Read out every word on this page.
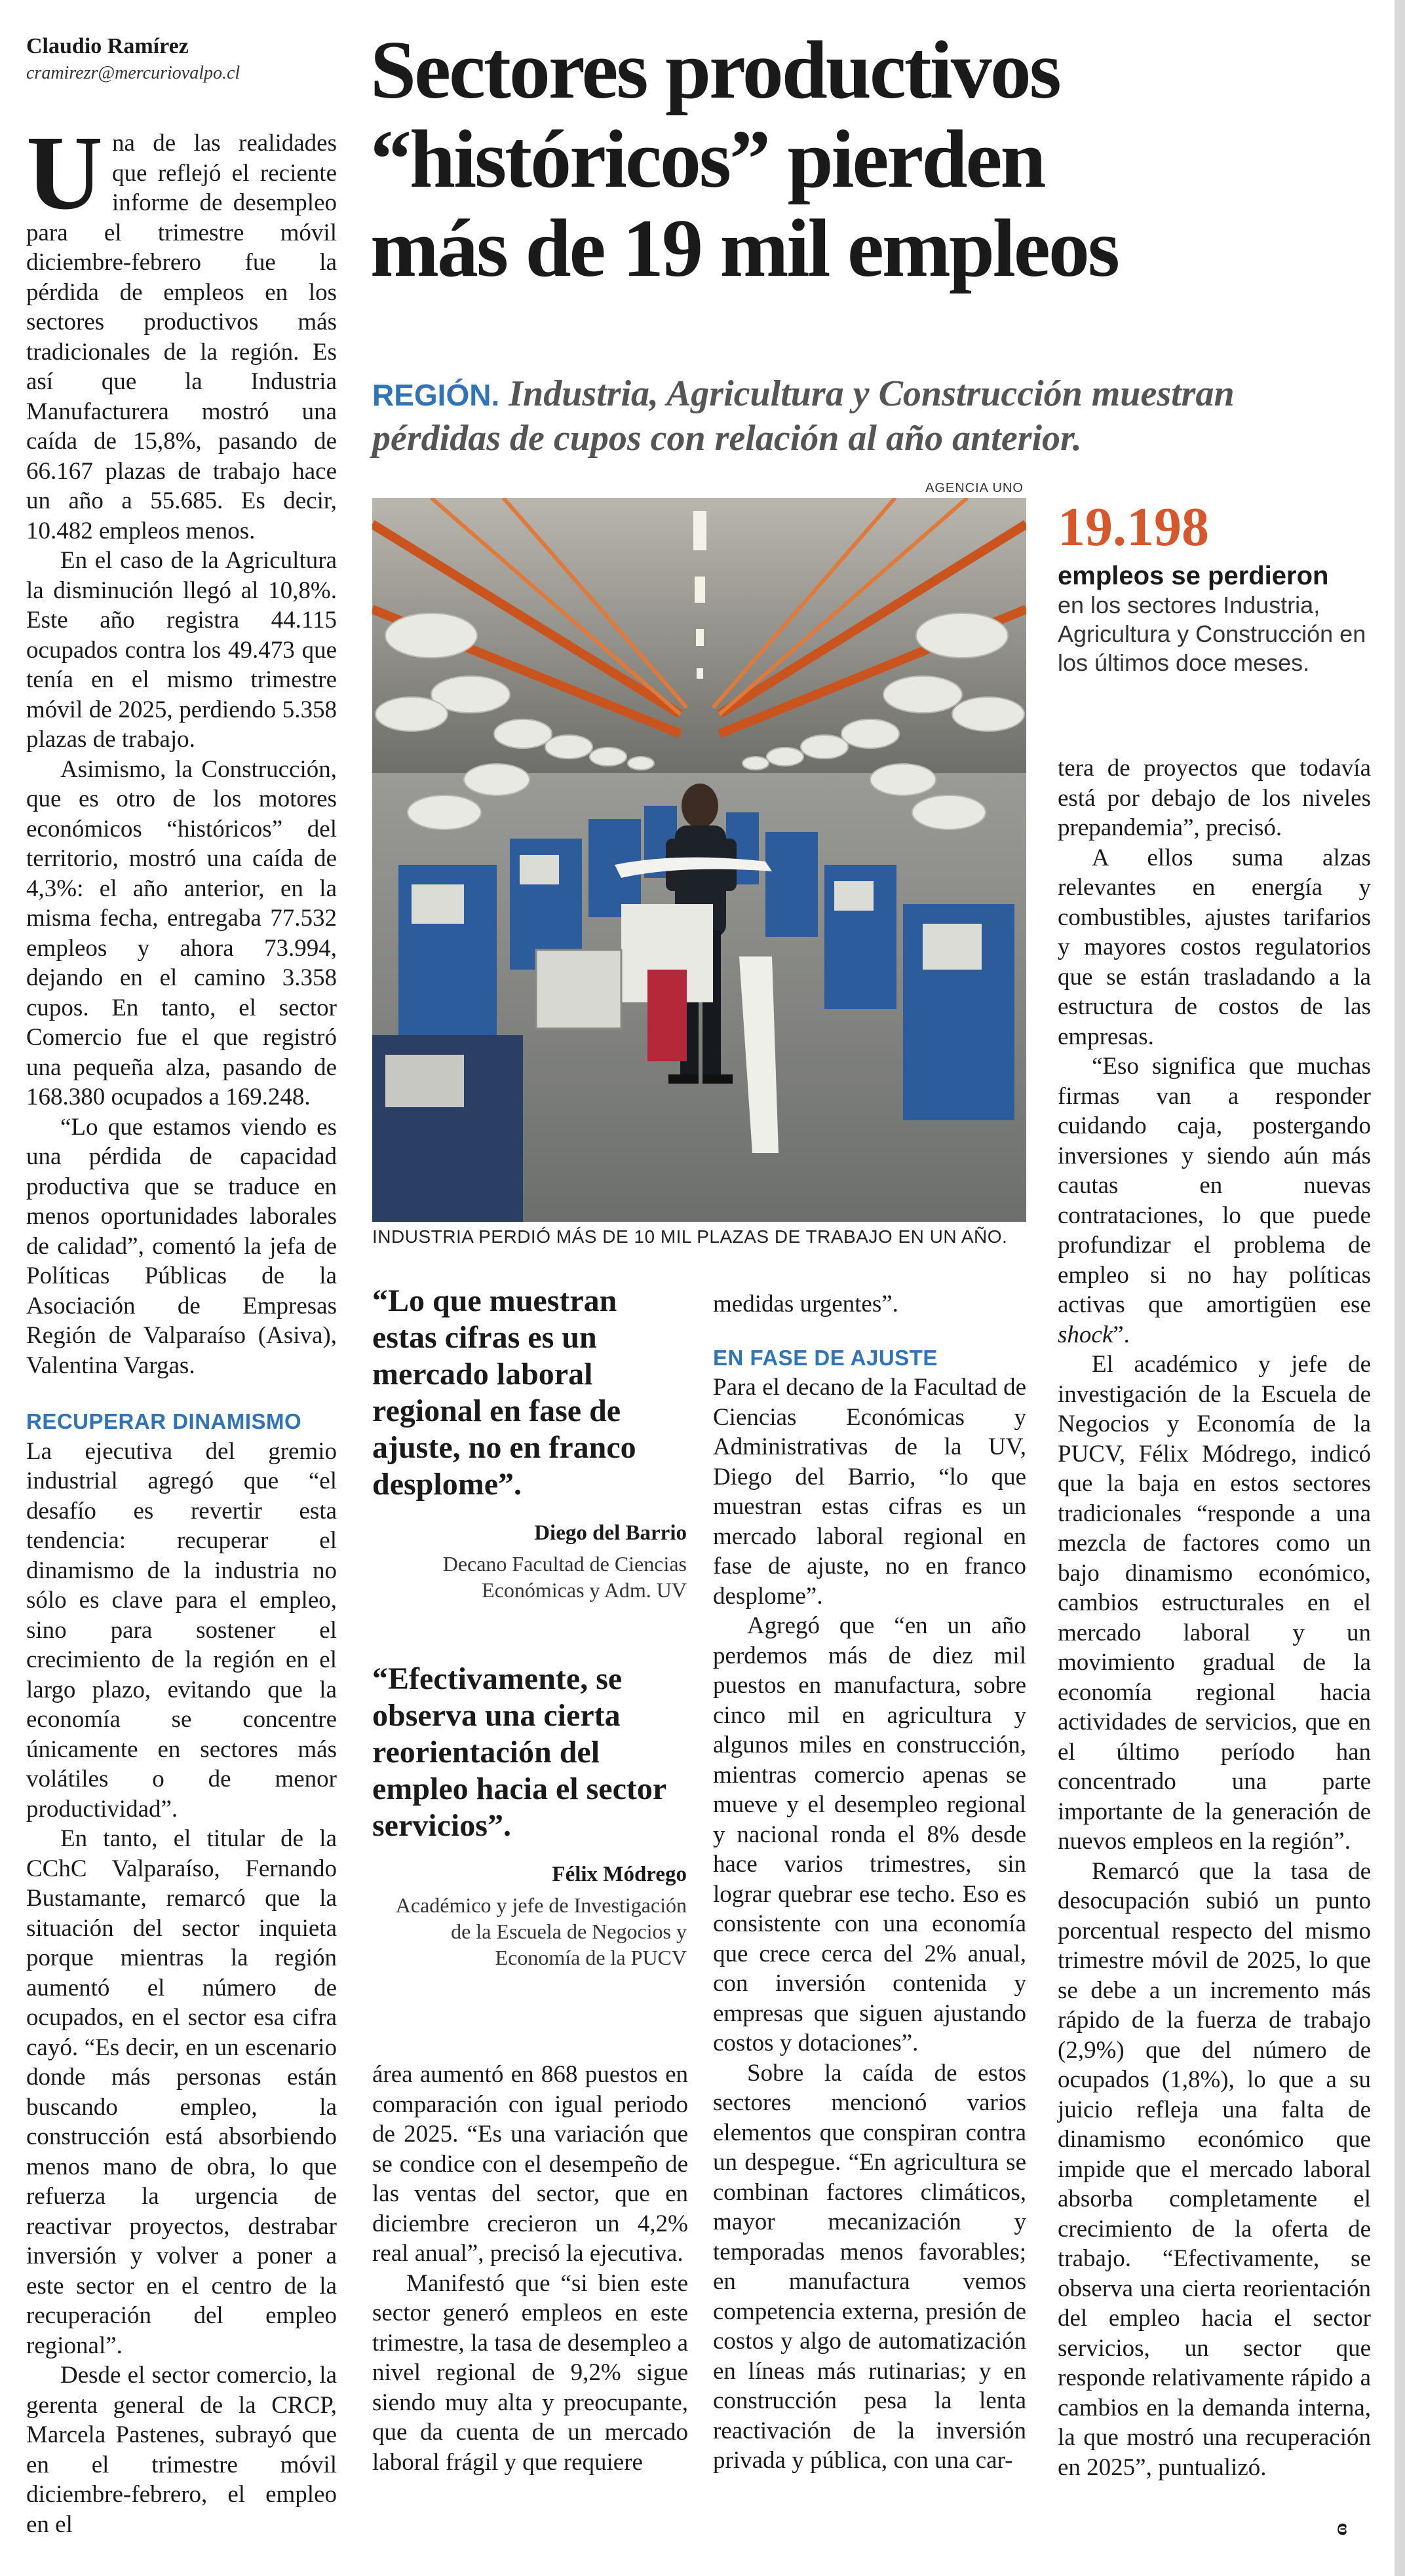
Claudio Ramírez
cramirezr@mercuriovalpo.cl	Sectores productivos
“históricos” pierden
más de 19 mil empleos
REGIÓN. Industria, Agricultura y Construcción muestran pérdidas de cupos con relación al año anterior.
Una de las realidades que reflejó el reciente informe de desempleo para el trimestre móvil diciembre-febrero fue la pérdida de empleos en los sectores productivos más tradicionales de la región. Es así que la Industria Manufacturera mostró una caída de 15,8%, pasando de 66.167 plazas de trabajo hace un año a 55.685. Es decir, 10.482 empleos menos.
En el caso de la Agricultura la disminución llegó al 10,8%. Este año registra 44.115 ocupados contra los 49.473 que tenía en el mismo trimestre móvil de 2025, perdiendo 5.358 plazas de trabajo.
Asimismo, la Construcción, que es otro de los motores económicos “históricos” del territorio, mostró una caída de 4,3%: el año anterior, en la misma fecha, entregaba 77.532 empleos y ahora 73.994, dejando en el camino 3.358 cupos. En tanto, el sector Comercio fue el que registró una pequeña alza, pasando de 168.380 ocupados a 169.248.
“Lo que estamos viendo es una pérdida de capacidad productiva que se traduce en menos oportunidades laborales de calidad”, comentó la jefa de Políticas Públicas de la Asociación de Empresas Región de Valparaíso (Asiva), Valentina Vargas.
RECUPERAR DINAMISMO
La ejecutiva del gremio industrial agregó que “el desafío es revertir esta tendencia: recuperar el dinamismo de la industria no sólo es clave para el empleo, sino para sostener el crecimiento de la región en el largo plazo, evitando que la economía se concentre únicamente en sectores más volátiles o de menor productividad”.
En tanto, el titular de la CChC Valparaíso, Fernando Bustamante, remarcó que la situación del sector inquieta porque mientras la región aumentó el número de ocupados, en el sector esa cifra cayó. “Es decir, en un escenario donde más personas están buscando empleo, la construcción está absorbiendo menos mano de obra, lo que refuerza la urgencia de reactivar proyectos, destrabar inversión y volver a poner a este sector en el centro de la recuperación del empleo regional”.
Desde el sector comercio, la gerenta general de la CRCP, Marcela Pastenes, subrayó que en el trimestre móvil diciembre-febrero, el empleo en el
AGENCIA UNO
INDUSTRIA PERDIÓ MÁS DE 10 MIL PLAZAS DE TRABAJO EN UN AÑO.
19.198
empleos se perdieron
en los sectores Industria, Agricultura y Construcción en los últimos doce meses.
“Lo que muestran estas cifras es un mercado laboral regional en fase de ajuste, no en franco desplome”.
Diego del Barrio
Decano Facultad de Ciencias Económicas y Adm. UV
“Efectivamente, se observa una cierta reorientación del empleo hacia el sector servicios”.
Félix Módrego
Académico y jefe de Investigación de la Escuela de Negocios y Economía de la PUCV
área aumentó en 868 puestos en comparación con igual periodo de 2025. “Es una variación que se condice con el desempeño de las ventas del sector, que en diciembre crecieron un 4,2% real anual”, precisó la ejecutiva.
Manifestó que “si bien este sector generó empleos en este trimestre, la tasa de desempleo a nivel regional de 9,2% sigue siendo muy alta y preocupante, que da cuenta de un mercado laboral frágil y que requiere
medidas urgentes”.
EN FASE DE AJUSTE
Para el decano de la Facultad de Ciencias Económicas y Administrativas de la UV, Diego del Barrio, “lo que muestran estas cifras es un mercado laboral regional en fase de ajuste, no en franco desplome”.
Agregó que “en un año perdemos más de diez mil puestos en manufactura, sobre cinco mil en agricultura y algunos miles en construcción, mientras comercio apenas se mueve y el desempleo regional y nacional ronda el 8% desde hace varios trimestres, sin lograr quebrar ese techo. Eso es consistente con una economía que crece cerca del 2% anual, con inversión contenida y empresas que siguen ajustando costos y dotaciones”.
Sobre la caída de estos sectores mencionó varios elementos que conspiran contra un despegue. “En agricultura se combinan factores climáticos, mayor mecanización y temporadas menos favorables; en manufactura vemos competencia externa, presión de costos y algo de automatización en líneas más rutinarias; y en construcción pesa la lenta reactivación de la inversión privada y pública, con una car-
tera de proyectos que todavía está por debajo de los niveles prepandemia”, precisó.
A ellos suma alzas relevantes en energía y combustibles, ajustes tarifarios y mayores costos regulatorios que se están trasladando a la estructura de costos de las empresas.
“Eso significa que muchas firmas van a responder cuidando caja, postergando inversiones y siendo aún más cautas en nuevas contrataciones, lo que puede profundizar el problema de empleo si no hay políticas activas que amortigüen ese shock”.
El académico y jefe de investigación de la Escuela de Negocios y Economía de la PUCV, Félix Módrego, indicó que la baja en estos sectores tradicionales “responde a una mezcla de factores como un bajo dinamismo económico, cambios estructurales en el mercado laboral y un movimiento gradual de la economía regional hacia actividades de servicios, que en el último período han concentrado una parte importante de la generación de nuevos empleos en la región”.
Remarcó que la tasa de desocupación subió un punto porcentual respecto del mismo trimestre móvil de 2025, lo que se debe a un incremento más rápido de la fuerza de trabajo (2,9%) que del número de ocupados (1,8%), lo que a su juicio refleja una falta de dinamismo económico que impide que el mercado laboral absorba completamente el crecimiento de la oferta de trabajo. “Efectivamente, se observa una cierta reorientación del empleo hacia el sector servicios, un sector que responde relativamente rápido a cambios en la demanda interna, la que mostró una recuperación en 2025”, puntualizó.
ɞ
